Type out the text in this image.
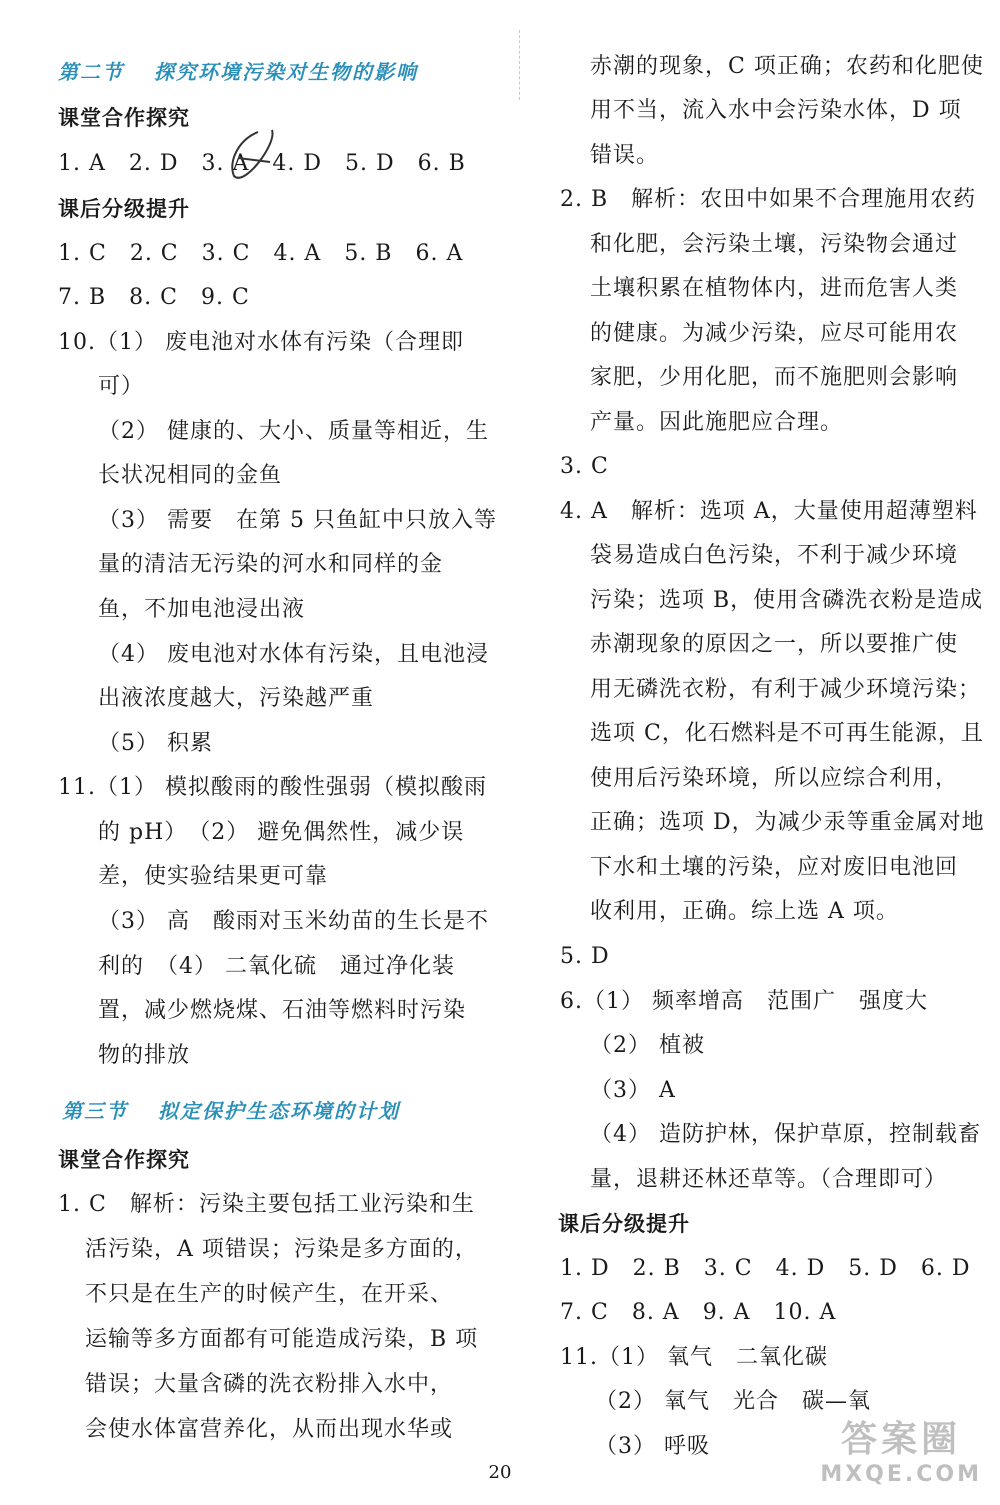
第二节 探究环境污染对生物的影响
课堂合作探究
1. A　2. D　3. A　4. D　5. D　6. B
课后分级提升
1. C　2. C　3. C　4. A　5. B　6. A
7. B　8. C　9. C
10.（1） 废电池对水体有污染（合理即
可）
（2） 健康的、大小、质量等相近，生
长状况相同的金鱼
（3） 需要　在第 5 只鱼缸中只放入等
量的清洁无污染的河水和同样的金
鱼，不加电池浸出液
（4） 废电池对水体有污染，且电池浸
出液浓度越大，污染越严重
（5） 积累
11.（1） 模拟酸雨的酸性强弱（模拟酸雨
的 pH）　（2） 避免偶然性，减少误
差，使实验结果更可靠
（3） 高　酸雨对玉米幼苗的生长是不
利的　（4） 二氧化硫　通过净化装
置，减少燃烧煤、石油等燃料时污染
物的排放
第三节 拟定保护生态环境的计划
课堂合作探究
1. C　解析：污染主要包括工业污染和生
活污染，A 项错误；污染是多方面的，
不只是在生产的时候产生，在开采、
运输等多方面都有可能造成污染，B 项
错误；大量含磷的洗衣粉排入水中，
会使水体富营养化，从而出现水华或
赤潮的现象，C 项正确；农药和化肥使
用不当，流入水中会污染水体，D 项
错误。
2. B　解析：农田中如果不合理施用农药
和化肥，会污染土壤，污染物会通过
土壤积累在植物体内，进而危害人类
的健康。为减少污染，应尽可能用农
家肥，少用化肥，而不施肥则会影响
产量。因此施肥应合理。
3. C
4. A　解析：选项 A，大量使用超薄塑料
袋易造成白色污染，不利于减少环境
污染；选项 B，使用含磷洗衣粉是造成
赤潮现象的原因之一，所以要推广使
用无磷洗衣粉，有利于减少环境污染；
选项 C，化石燃料是不可再生能源，且
使用后污染环境，所以应综合利用，
正确；选项 D，为减少汞等重金属对地
下水和土壤的污染，应对废旧电池回
收利用，正确。综上选 A 项。
5. D
6.（1） 频率增高　范围广　强度大
（2） 植被
（3） A
（4） 造防护林，保护草原，控制载畜
量，退耕还林还草等。（合理即可）
课后分级提升
1. D　2. B　3. C　4. D　5. D　6. D
7. C　8. A　9. A　10. A
11.（1） 氧气　二氧化碳
（2） 氧气　光合　碳—氧
（3） 呼吸
20
答案圈
MXQE.COM
